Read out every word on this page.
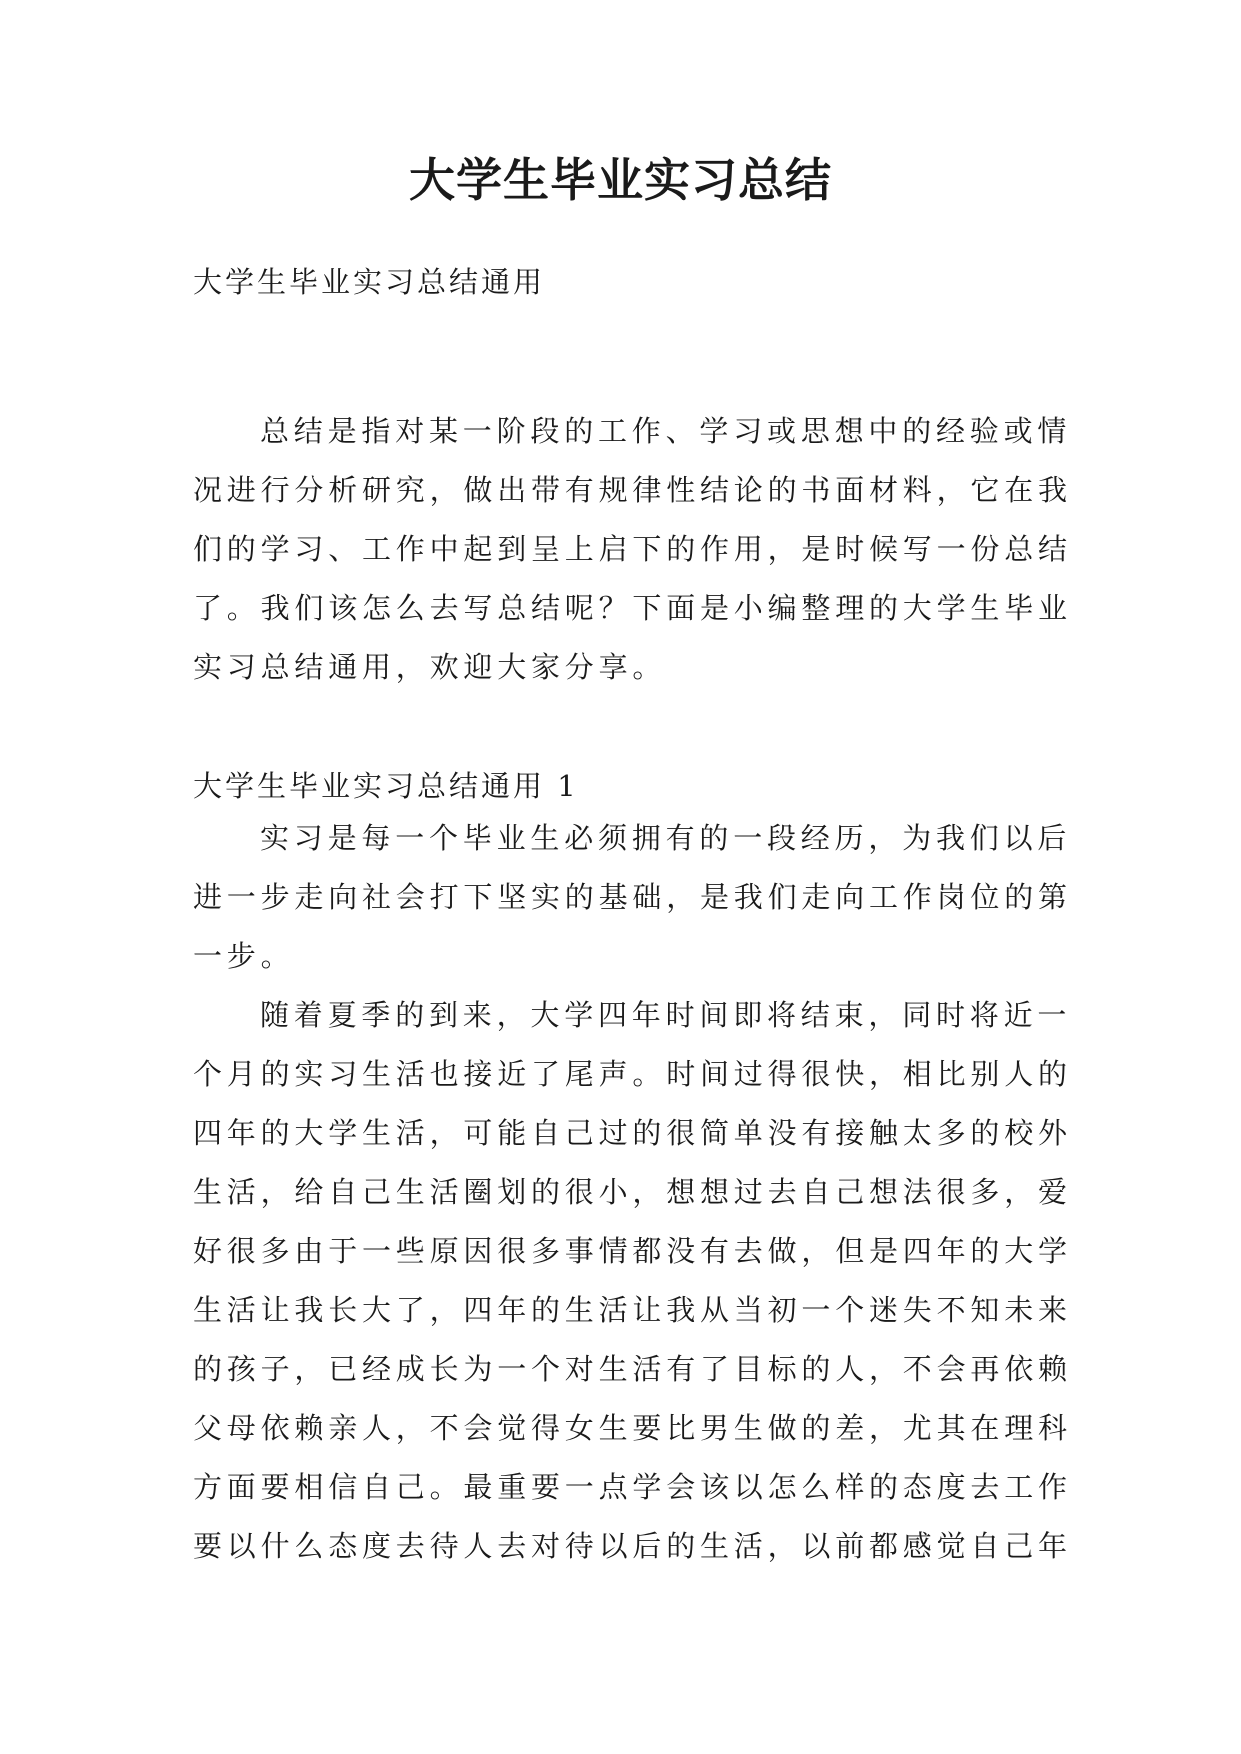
大学生毕业实习总结

大学生毕业实习总结通用

总结是指对某一阶段的工作、学习或思想中的经验或情
况进行分析研究，做出带有规律性结论的书面材料，它在我
们的学习、工作中起到呈上启下的作用，是时候写一份总结
了。我们该怎么去写总结呢？下面是小编整理的大学生毕业
实习总结通用，欢迎大家分享。

大学生毕业实习总结通用 1

实习是每一个毕业生必须拥有的一段经历，为我们以后
进一步走向社会打下坚实的基础，是我们走向工作岗位的第
一步。

随着夏季的到来，大学四年时间即将结束，同时将近一
个月的实习生活也接近了尾声。时间过得很快，相比别人的
四年的大学生活，可能自己过的很简单没有接触太多的校外
生活，给自己生活圈划的很小，想想过去自己想法很多，爱
好很多由于一些原因很多事情都没有去做，但是四年的大学
生活让我长大了，四年的生活让我从当初一个迷失不知未来
的孩子，已经成长为一个对生活有了目标的人，不会再依赖
父母依赖亲人，不会觉得女生要比男生做的差，尤其在理科
方面要相信自己。最重要一点学会该以怎么样的态度去工作
要以什么态度去待人去对待以后的生活，以前都感觉自己年
